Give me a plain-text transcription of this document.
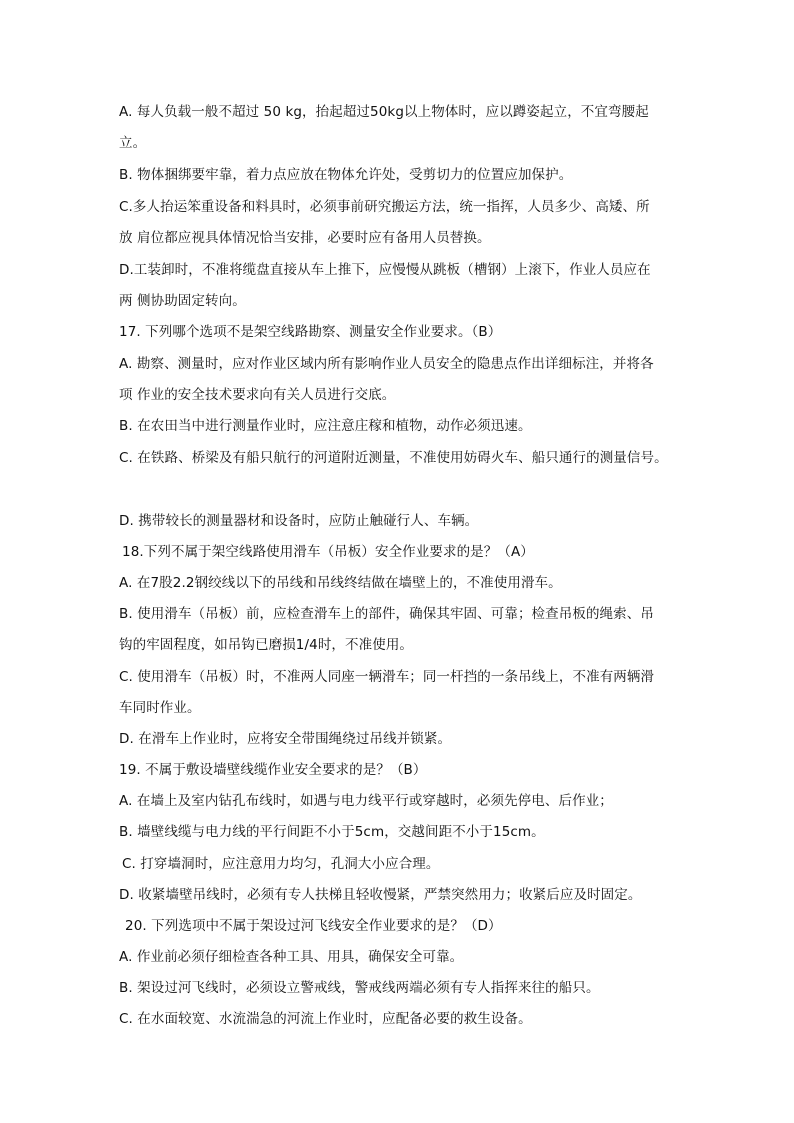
A. 每人负载一般不超过 50 kg，抬起超过50kg以上物体时，应以蹲姿起立，不宜弯腰起
立。
B. 物体捆绑要牢靠，着力点应放在物体允许处，受剪切力的位置应加保护。
C.多人抬运笨重设备和料具时，必须事前研究搬运方法，统一指挥，人员多少、高矮、所
放 肩位都应视具体情况恰当安排，必要时应有备用人员替换。
D.工装卸时，不准将缆盘直接从车上推下，应慢慢从跳板（槽钢）上滚下，作业人员应在
两 侧协助固定转向。
17. 下列哪个选项不是架空线路勘察、测量安全作业要求。（B）
A. 勘察、测量时，应对作业区域内所有影响作业人员安全的隐患点作出详细标注，并将各
项 作业的安全技术要求向有关人员进行交底。
B. 在农田当中进行测量作业时，应注意庄稼和植物，动作必须迅速。
C. 在铁路、桥梁及有船只航行的河道附近测量，不准使用妨碍火车、船只通行的测量信号。
D. 携带较长的测量器材和设备时，应防止触碰行人、车辆。
18.下列不属于架空线路使用滑车（吊板）安全作业要求的是？（A）
A. 在7股2.2钢绞线以下的吊线和吊线终结做在墙壁上的，不准使用滑车。
B. 使用滑车（吊板）前，应检查滑车上的部件，确保其牢固、可靠；检查吊板的绳索、吊
钩的牢固程度，如吊钩已磨损1/4时，不准使用。
C. 使用滑车（吊板）时，不准两人同座一辆滑车；同一杆挡的一条吊线上，不准有两辆滑
车同时作业。
D. 在滑车上作业时，应将安全带围绳绕过吊线并锁紧。
19. 不属于敷设墙壁线缆作业安全要求的是？（B）
A. 在墙上及室内钻孔布线时，如遇与电力线平行或穿越时，必须先停电、后作业；
B. 墙壁线缆与电力线的平行间距不小于5cm，交越间距不小于15cm。
C. 打穿墙洞时，应注意用力均匀，孔洞大小应合理。
D. 收紧墙壁吊线时，必须有专人扶梯且轻收慢紧，严禁突然用力；收紧后应及时固定。
20. 下列选项中不属于架设过河飞线安全作业要求的是？（D）
A. 作业前必须仔细检查各种工具、用具，确保安全可靠。
B. 架设过河飞线时，必须设立警戒线，警戒线两端必须有专人指挥来往的船只。
C. 在水面较宽、水流湍急的河流上作业时，应配备必要的救生设备。
